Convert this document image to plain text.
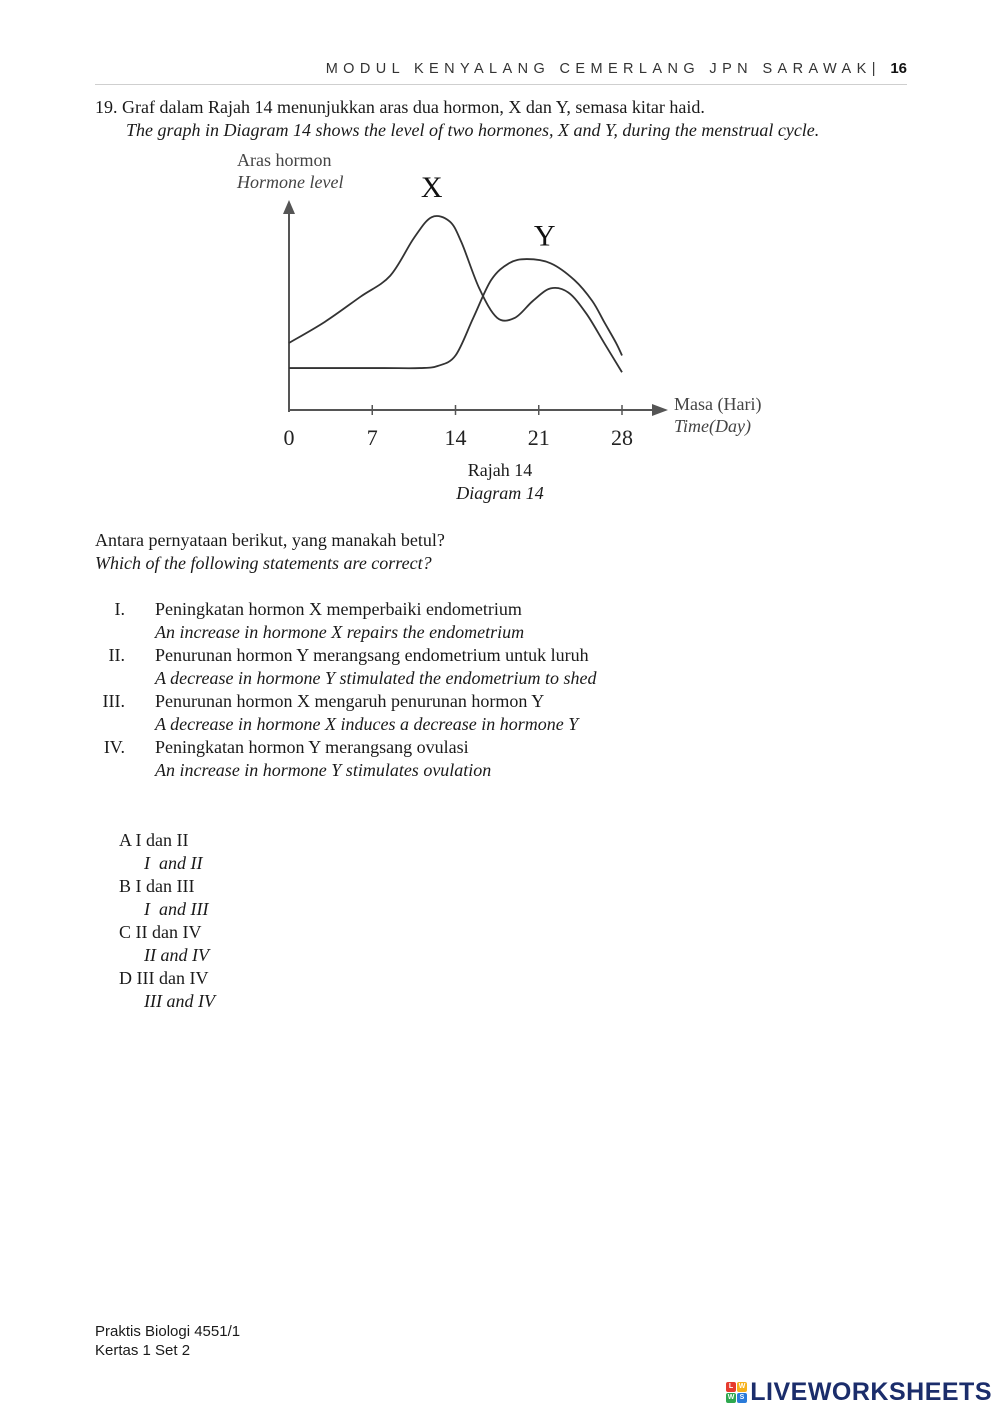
MODUL KENYALANG CEMERLANG JPN SARAWAK| 16
19. Graf dalam Rajah 14 menunjukkan aras dua hormon, X dan Y, semasa kitar haid.
The graph in Diagram 14 shows the level of two hormones, X and Y, during the menstrual cycle.
Aras hormon
Hormone level
0	7	14	21	28
X
Y
Masa (Hari)
Time(Day)
Rajah 14
Diagram 14
Antara pernyataan berikut, yang manakah betul?
Which of the following statements are correct?
I. Peningkatan hormon X memperbaiki endometrium
An increase in hormone X repairs the endometrium
II. Penurunan hormon Y merangsang endometrium untuk luruh
A decrease in hormone Y stimulated the endometrium to shed
III. Penurunan hormon X mengaruh penurunan hormon Y
A decrease in hormone X induces a decrease in hormone Y
IV. Peningkatan hormon Y merangsang ovulasi
An increase in hormone Y stimulates ovulation
A I dan II
I  and II
B I dan III
I  and III
C II dan IV
II and IV
D III dan IV
III and IV
Praktis Biologi 4551/1
Kertas 1 Set 2
L W
W S LIVEWORKSHEETS
